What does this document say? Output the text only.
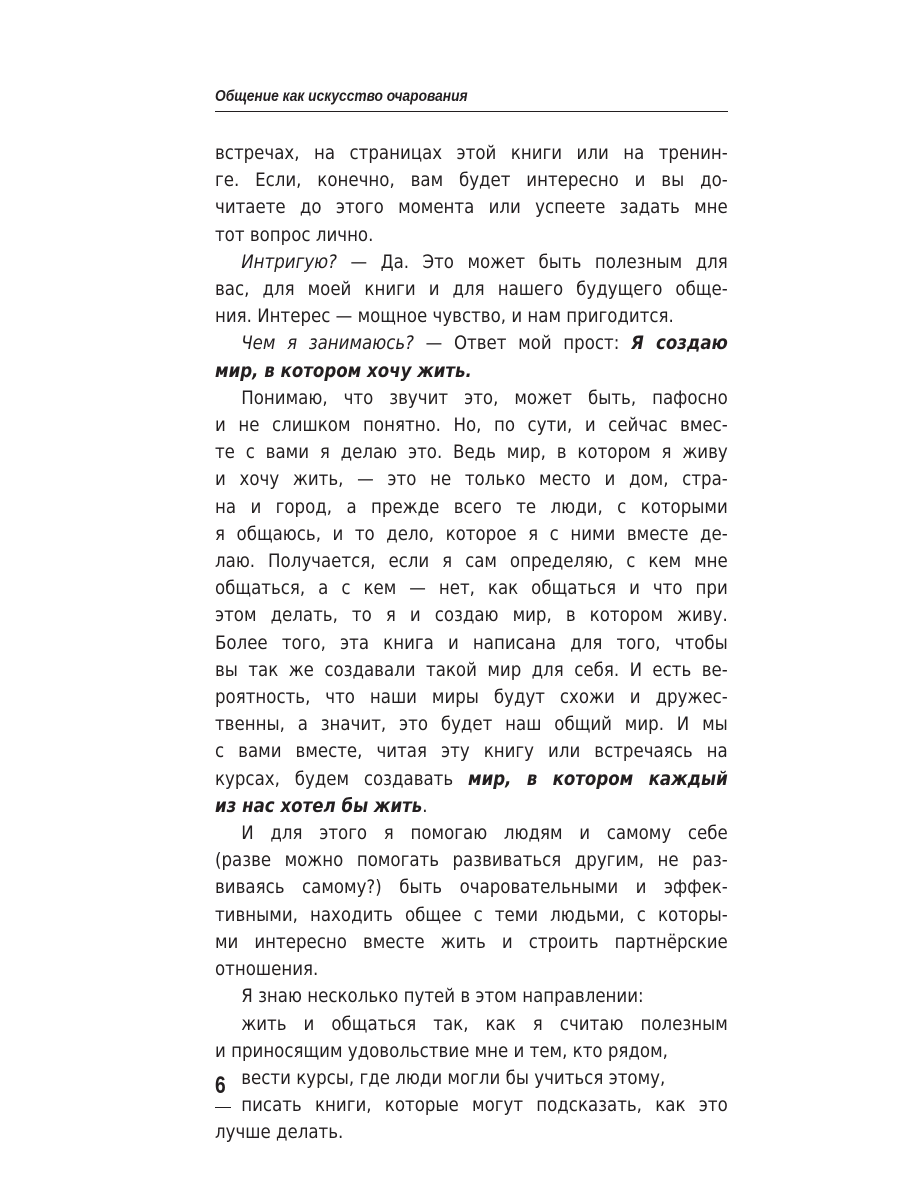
Общение как искусство очарования
встречах, на страницах этой книги или на тренин-
ге. Если, конечно, вам будет интересно и вы до-
читаете до этого момента или успеете задать мне
тот вопрос лично.
Интригую? — Да. Это может быть полезным для
вас, для моей книги и для нашего будущего обще-
ния. Интерес — мощное чувство, и нам пригодится.
Чем я занимаюсь? — Ответ мой прост: Я создаю
мир, в котором хочу жить.
Понимаю, что звучит это, может быть, пафосно
и не слишком понятно. Но, по сути, и сейчас вмес-
те с вами я делаю это. Ведь мир, в котором я живу
и хочу жить, — это не только место и дом, стра-
на и город, а прежде всего те люди, с которыми
я общаюсь, и то дело, которое я с ними вместе де-
лаю. Получается, если я сам определяю, с кем мне
общаться, а с кем — нет, как общаться и что при
этом делать, то я и создаю мир, в котором живу.
Более того, эта книга и написана для того, чтобы
вы так же создавали такой мир для себя. И есть ве-
роятность, что наши миры будут схожи и дружес-
твенны, а значит, это будет наш общий мир. И мы
с вами вместе, читая эту книгу или встречаясь на
курсах, будем создавать мир, в котором каждый
из нас хотел бы жить.
И для этого я помогаю людям и самому себе
(разве можно помогать развиваться другим, не раз-
виваясь самому?) быть очаровательными и эффек-
тивными, находить общее с теми людьми, с которы-
ми интересно вместе жить и строить партнёрские
отношения.
Я знаю несколько путей в этом направлении:
жить и общаться так, как я считаю полезным
и приносящим удовольствие мне и тем, кто рядом,
вести курсы, где люди могли бы учиться этому,
писать книги, которые могут подсказать, как это
лучше делать.
6
